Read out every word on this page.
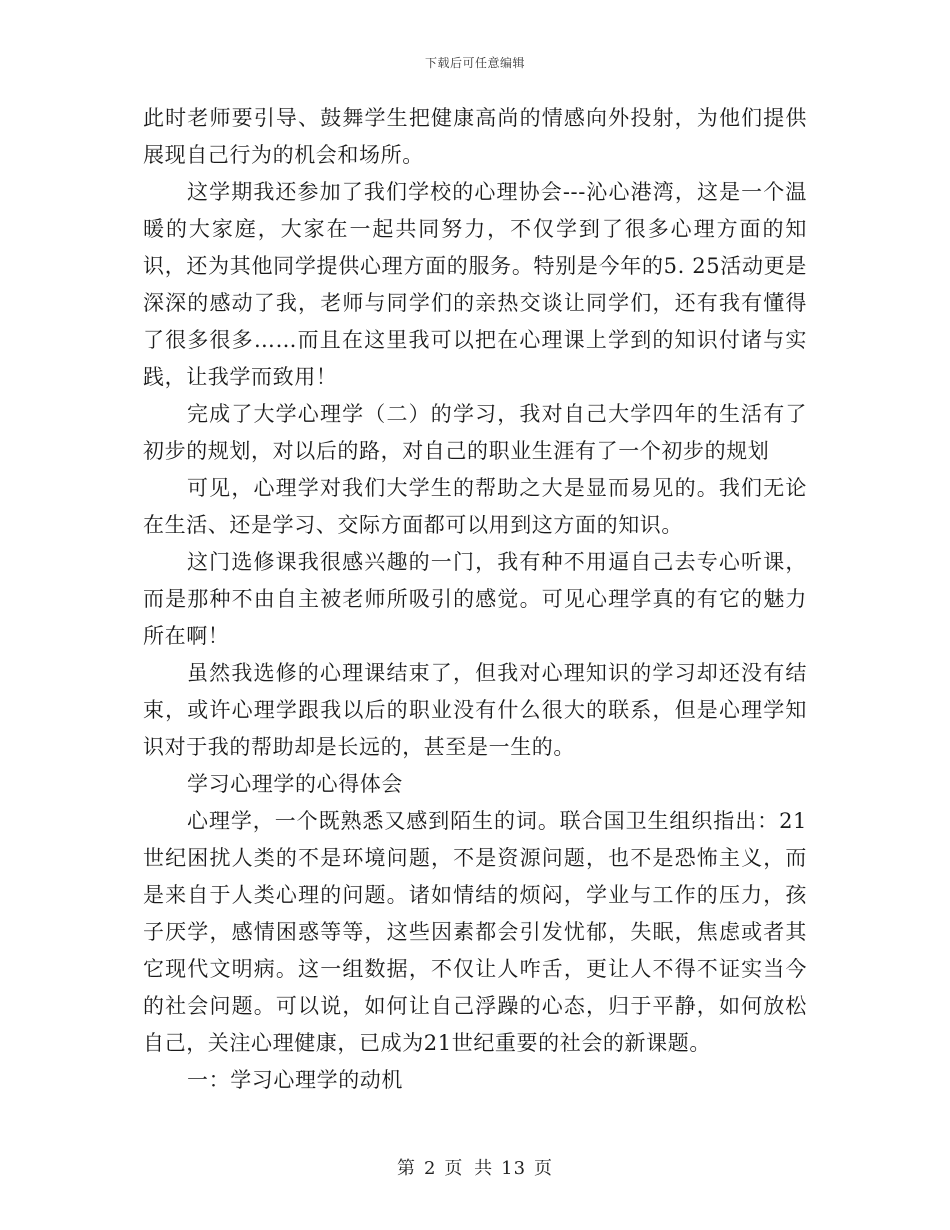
下载后可任意编辑

此时老师要引导、鼓舞学生把健康高尚的情感向外投射，为他们提供展现自己行为的机会和场所。

这学期我还参加了我们学校的心理协会---沁心港湾，这是一个温暖的大家庭，大家在一起共同努力，不仅学到了很多心理方面的知识，还为其他同学提供心理方面的服务。特别是今年的5. 25活动更是深深的感动了我，老师与同学们的亲热交谈让同学们，还有我有懂得了很多很多……而且在这里我可以把在心理课上学到的知识付诸与实践，让我学而致用！

完成了大学心理学（二）的学习，我对自己大学四年的生活有了初步的规划，对以后的路，对自己的职业生涯有了一个初步的规划

可见，心理学对我们大学生的帮助之大是显而易见的。我们无论在生活、还是学习、交际方面都可以用到这方面的知识。

这门选修课我很感兴趣的一门，我有种不用逼自己去专心听课，而是那种不由自主被老师所吸引的感觉。可见心理学真的有它的魅力所在啊！

虽然我选修的心理课结束了，但我对心理知识的学习却还没有结束，或许心理学跟我以后的职业没有什么很大的联系，但是心理学知识对于我的帮助却是长远的，甚至是一生的。

学习心理学的心得体会

心理学，一个既熟悉又感到陌生的词。联合国卫生组织指出：21世纪困扰人类的不是环境问题，不是资源问题，也不是恐怖主义，而是来自于人类心理的问题。诸如情结的烦闷，学业与工作的压力，孩子厌学，感情困惑等等，这些因素都会引发忧郁，失眠，焦虑或者其它现代文明病。这一组数据，不仅让人咋舌，更让人不得不证实当今的社会问题。可以说，如何让自己浮躁的心态，归于平静，如何放松自己，关注心理健康，已成为21世纪重要的社会的新课题。

一：学习心理学的动机

第 2 页 共 13 页
